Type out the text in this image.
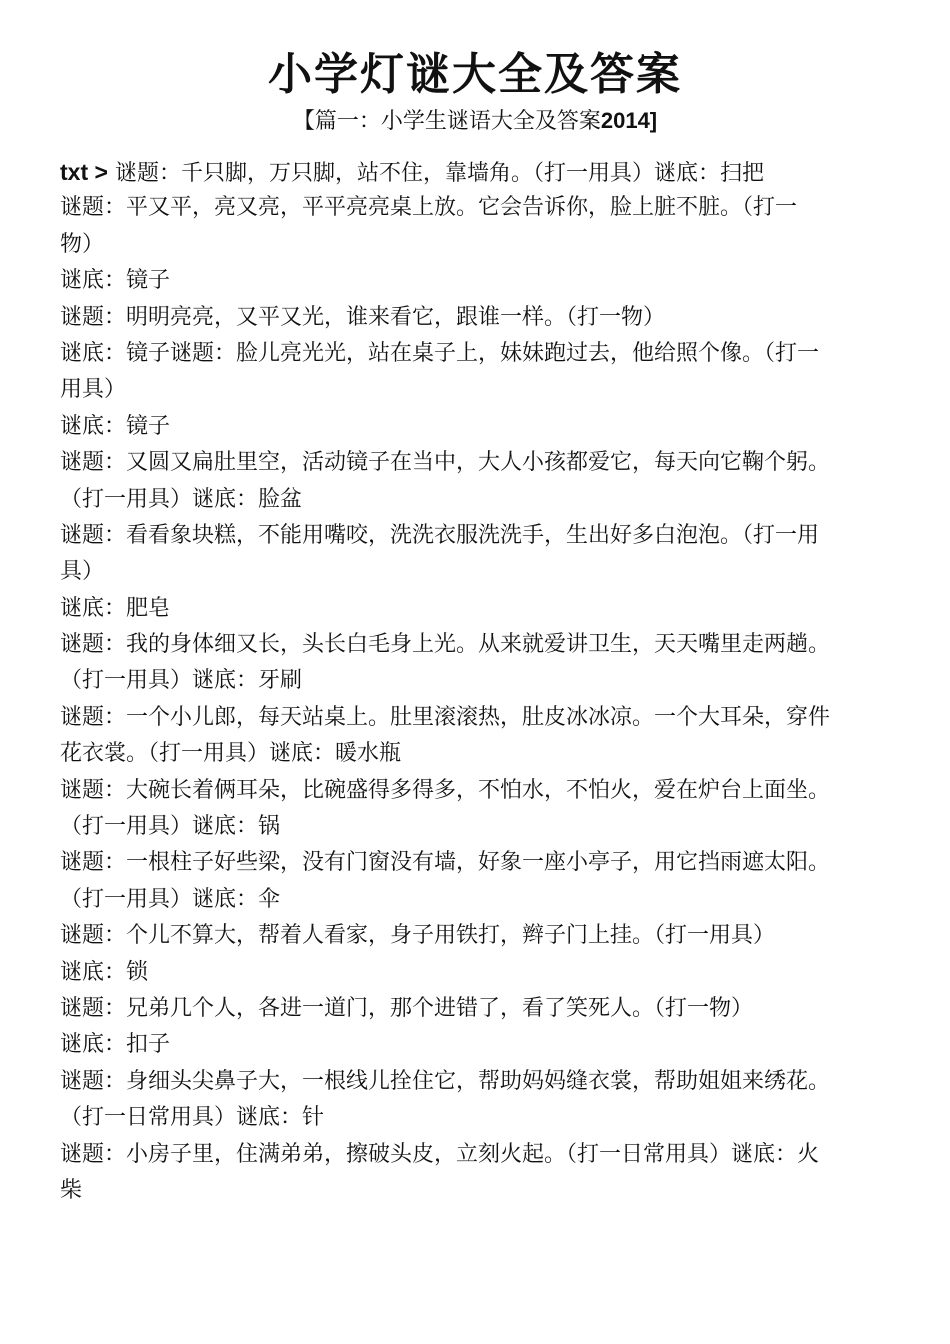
小学灯谜大全及答案
【篇一：小学生谜语大全及答案2014]
txt > 谜题：千只脚，万只脚，站不住，靠墙角。（打一用具）谜底：扫把
谜题：平又平，亮又亮，平平亮亮桌上放。它会告诉你，脸上脏不脏。（打一
物）
谜底：镜子
谜题：明明亮亮，又平又光，谁来看它，跟谁一样。（打一物）
谜底：镜子谜题：脸儿亮光光，站在桌子上，妹妹跑过去，他给照个像。（打一
用具）
谜底：镜子
谜题：又圆又扁肚里空，活动镜子在当中，大人小孩都爱它，每天向它鞠个躬。
（打一用具）谜底：脸盆
谜题：看看象块糕，不能用嘴咬，洗洗衣服洗洗手，生出好多白泡泡。（打一用
具）
谜底：肥皂
谜题：我的身体细又长，头长白毛身上光。从来就爱讲卫生，天天嘴里走两趟。
（打一用具）谜底：牙刷
谜题：一个小儿郎，每天站桌上。肚里滚滚热，肚皮冰冰凉。一个大耳朵，穿件
花衣裳。（打一用具）谜底：暖水瓶
谜题：大碗长着俩耳朵，比碗盛得多得多，不怕水，不怕火，爱在炉台上面坐。
（打一用具）谜底：锅
谜题：一根柱子好些梁，没有门窗没有墙，好象一座小亭子，用它挡雨遮太阳。
（打一用具）谜底：伞
谜题：个儿不算大，帮着人看家，身子用铁打，辫子门上挂。（打一用具）
谜底：锁
谜题：兄弟几个人，各进一道门，那个进错了，看了笑死人。（打一物）
谜底：扣子
谜题：身细头尖鼻子大，一根线儿拴住它，帮助妈妈缝衣裳，帮助姐姐来绣花。
（打一日常用具）谜底：针
谜题：小房子里，住满弟弟，擦破头皮，立刻火起。（打一日常用具）谜底：火
柴
